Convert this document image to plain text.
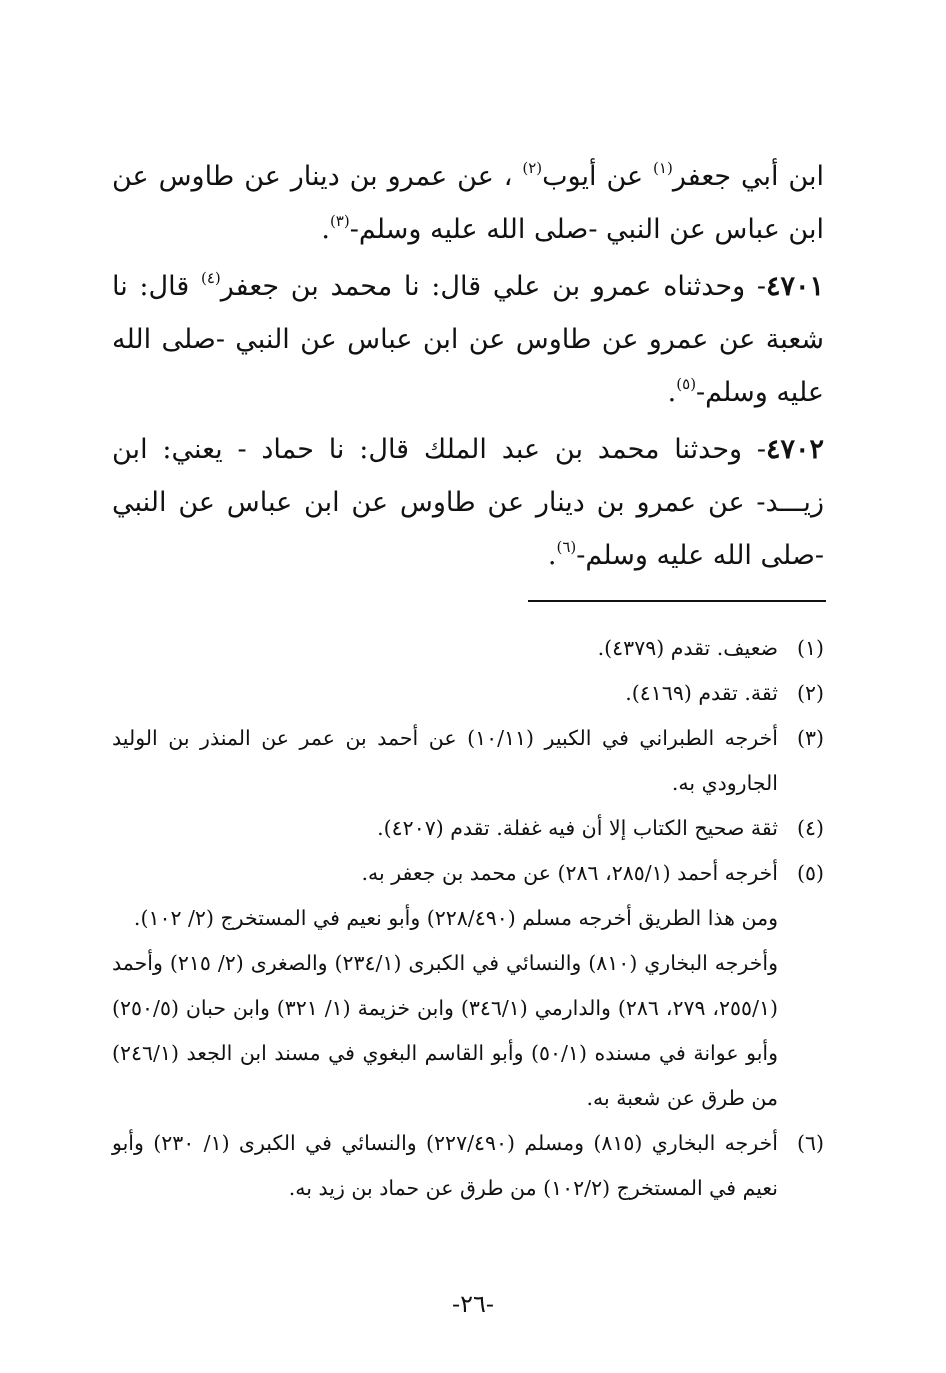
ابن أبي جعفر$^{(١)}$ عن أيوب$^{(٢)}$ ، عن عمرو بن دينار عن طاوس عن ابن عباس عن النبي -صلى الله عليه وسلم-$^{(٣)}$.

٤٧٠١- وحدثناه عمرو بن علي قال: نا محمد بن جعفر$^{(٤)}$ قال: نا شعبة عن عمرو عن طاوس عن ابن عباس عن النبي -صلى الله عليه وسلم-$^{(٥)}$.

٤٧٠٢- وحدثنا محمد بن عبد الملك قال: نا حماد - يعني: ابن زيـــد- عن عمرو بن دينار عن طاوس عن ابن عباس عن النبي -صلى الله عليه وسلم-$^{(٦)}$.

(١)ضعيف. تقدم (٤٣٧٩).

(٢)ثقة. تقدم (٤١٦٩).

(٣)أخرجه الطبراني في الكبير (١٠/١١) عن أحمد بن عمر عن المنذر بن الوليد الجارودي به.

(٤)ثقة صحيح الكتاب إلا أن فيه غفلة. تقدم (٤٢٠٧).

(٥)أخرجه أحمد (٢٨٥/١، ٢٨٦) عن محمد بن جعفر به.

ومن هذا الطريق أخرجه مسلم (٢٢٨/٤٩٠) وأبو نعيم في المستخرج (٢/ ١٠٢).

وأخرجه البخاري (٨١٠) والنسائي في الكبرى (٢٣٤/١) والصغرى (٢/ ٢١٥) وأحمد (٢٥٥/١، ٢٧٩، ٢٨٦) والدارمي (٣٤٦/١) وابن خزيمة (١/ ٣٢١) وابن حبان (٢٥٠/٥) وأبو عوانة في مسنده (٥٠/١) وأبو القاسم البغوي في مسند ابن الجعد (٢٤٦/١) من طرق عن شعبة به.

(٦)أخرجه البخاري (٨١٥) ومسلم (٢٢٧/٤٩٠) والنسائي في الكبرى (١/ ٢٣٠) وأبو نعيم في المستخرج (١٠٢/٢) من طرق عن حماد بن زيد به.

-٢٦-
